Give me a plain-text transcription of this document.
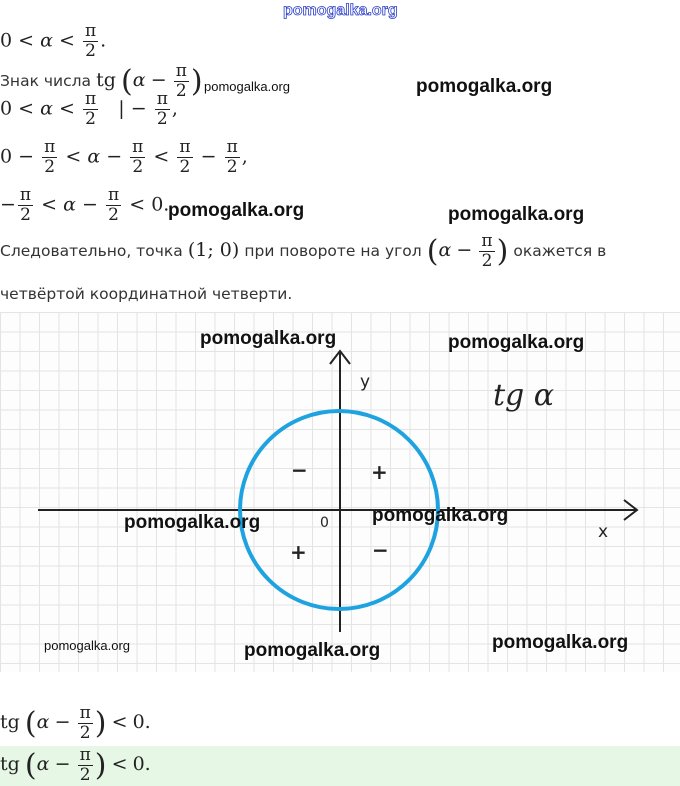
pomogalka.org
$0 < \alpha < \frac{\pi}{2}$ .
Знак числа tg ($\alpha - \frac{\pi}{2}$ ) pomogalka.org	pomogalka.org
$0 < \alpha < \frac{\pi}{2}$ | − $\frac{\pi}{2}$ ,
$0 - \frac{\pi}{2} < \alpha - \frac{\pi}{2} < \frac{\pi}{2} - \frac{\pi}{2}$ ,
− $\frac{\pi}{2} < \alpha - \frac{\pi}{2} < 0$.
pomogalka.org	pomogalka.org
Следовательно, точка (1; 0) при повороте на угол ($\alpha - \frac{\pi}{2}$ ) окажется в
четвёртой координатной четверти.
y
x
0
tg α
+
−
+	−
pomogalka.org	pomogalka.org
pomogalka.org	pomogalka.org
pomogalka.org	pomogalka.org	pomogalka.org
tg ($\alpha - \frac{\pi}{2}$ ) < 0.
tg ($\alpha - \frac{\pi}{2}$ ) < 0.
